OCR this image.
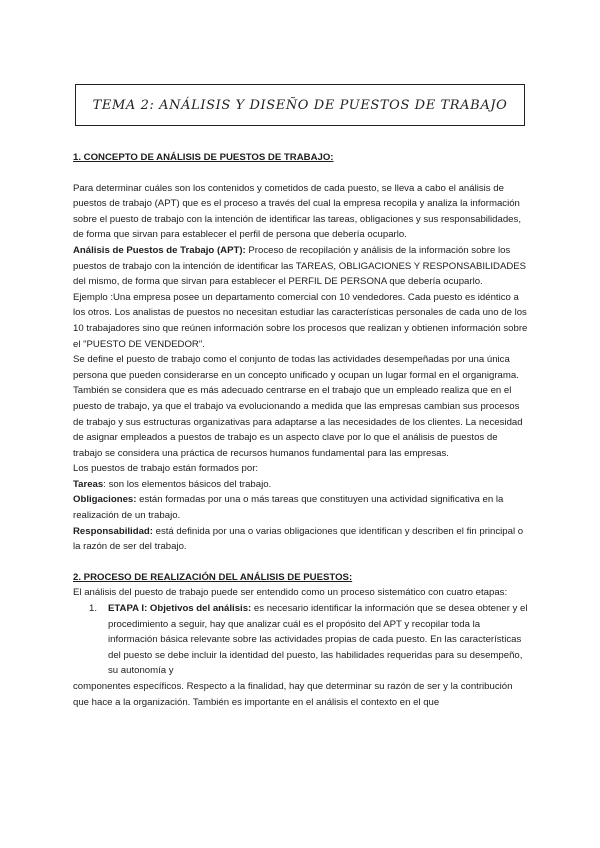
TEMA 2: ANÁLISIS Y DISEÑO DE PUESTOS DE TRABAJO

1. CONCEPTO DE ANÁLISIS DE PUESTOS DE TRABAJO:

Para determinar cuáles son los contenidos y cometidos de cada puesto, se lleva a cabo el análisis de puestos de trabajo (APT) que es el proceso a través del cual la empresa recopila y analiza la información sobre el puesto de trabajo con la intención de identificar las tareas, obligaciones y sus responsabilidades, de forma que sirvan para establecer el perfil de persona que debería ocuparlo.

Análisis de Puestos de Trabajo (APT): Proceso de recopilación y análisis de la información sobre los puestos de trabajo con la intención de identificar las TAREAS, OBLIGACIONES Y RESPONSABILIDADES del mismo, de forma que sirvan para establecer el PERFIL DE PERSONA que debería ocuparlo.

Ejemplo :Una empresa posee un departamento comercial con 10 vendedores. Cada puesto es idéntico a los otros. Los analistas de puestos no necesitan estudiar las características personales de cada uno de los 10 trabajadores sino que reúnen información sobre los procesos que realizan y obtienen información sobre el "PUESTO DE VENDEDOR".

Se define el puesto de trabajo como el conjunto de todas las actividades desempeñadas por una única persona que pueden considerarse en un concepto unificado y ocupan un lugar formal en el organigrama. También se considera que es más adecuado centrarse en el trabajo que un empleado realiza que en el puesto de trabajo, ya que el trabajo va evolucionando a medida que las empresas cambian sus procesos de trabajo y sus estructuras organizativas para adaptarse a las necesidades de los clientes. La necesidad de asignar empleados a puestos de trabajo es un aspecto clave por lo que el análisis de puestos de trabajo se considera una práctica de recursos humanos fundamental para las empresas.

Los puestos de trabajo están formados por:

Tareas: son los elementos básicos del trabajo.

Obligaciones: están formadas por una o más tareas que constituyen una actividad significativa en la realización de un trabajo.

Responsabilidad: está definida por una o varias obligaciones que identifican y describen el fin principal o la razón de ser del trabajo.

2. PROCESO DE REALIZACIÓN DEL ANÁLISIS DE PUESTOS:

El análisis del puesto de trabajo puede ser entendido como un proceso sistemático con cuatro etapas:

1.	ETAPA I: Objetivos del análisis: es necesario identificar la información que se desea obtener y el procedimiento a seguir, hay que analizar cuál es el propósito del APT y recopilar toda la información básica relevante sobre las actividades propias de cada puesto. En las características del puesto se debe incluir la identidad del puesto, las habilidades requeridas para su desempeño, su autonomía y

componentes específicos. Respecto a la finalidad, hay que determinar su razón de ser y la contribución que hace a la organización. También es importante en el análisis el contexto en el que
